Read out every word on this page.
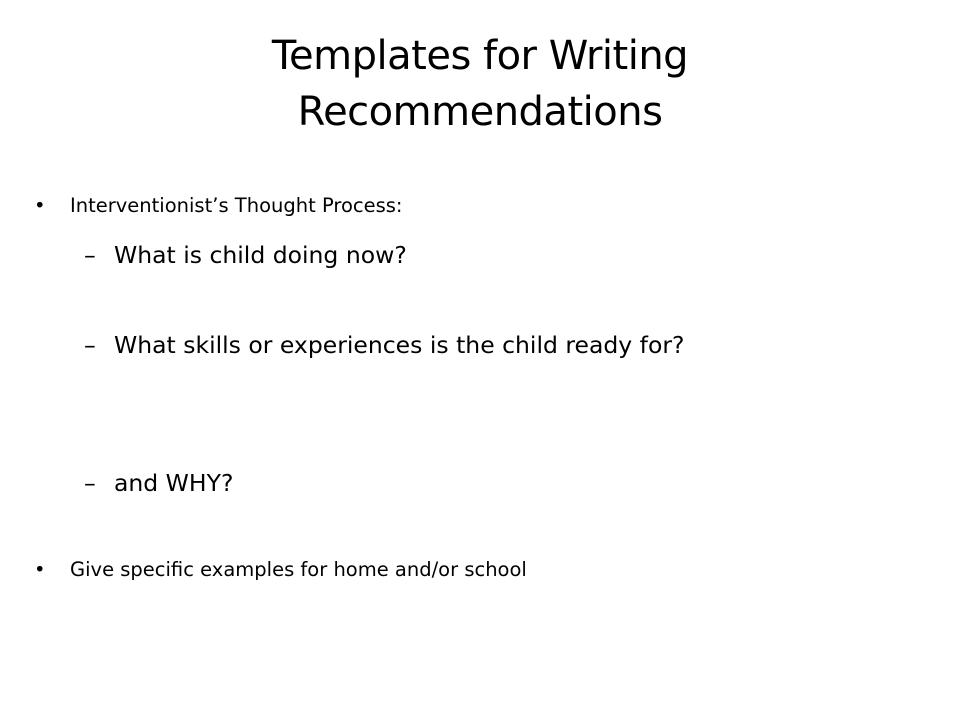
Templates for Writing
Recommendations
• Interventionist’s Thought Process:
– What is child doing now?
– What skills or experiences is the child ready for?
– and WHY?
• Give specific examples for home and/or school
